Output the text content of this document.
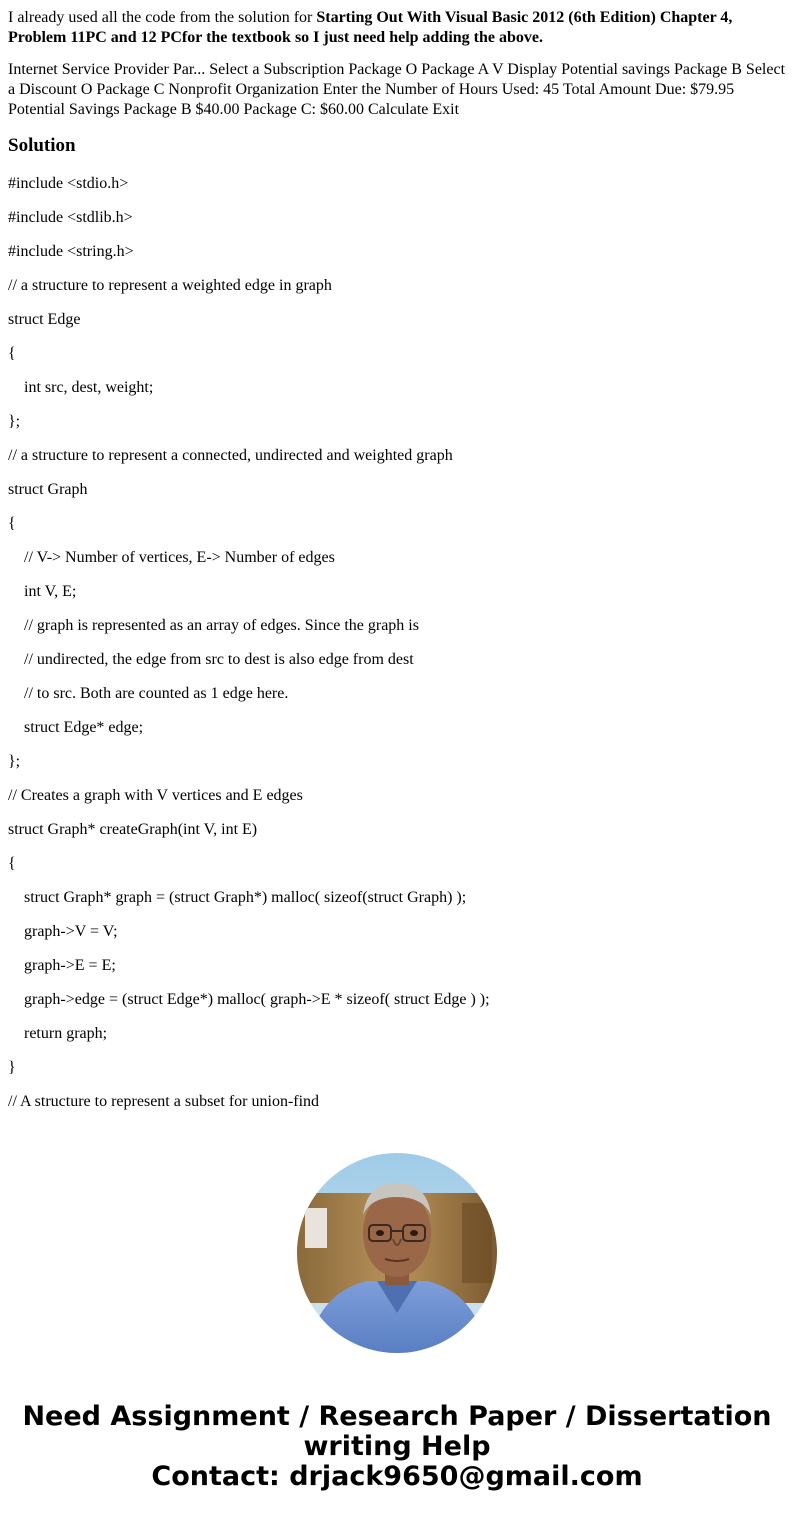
I already used all the code from the solution for Starting Out With Visual Basic 2012 (6th Edition) Chapter 4, Problem 11PC and 12 PCfor the textbook so I just need help adding the above.

Internet Service Provider Par... Select a Subscription Package O Package A V Display Potential savings Package B Select a Discount O Package C Nonprofit Organization Enter the Number of Hours Used: 45 Total Amount Due: $79.95 Potential Savings Package B $40.00 Package C: $60.00 Calculate Exit

Solution

#include <stdio.h>

#include <stdlib.h>

#include <string.h>

// a structure to represent a weighted edge in graph

struct Edge

{

int src, dest, weight;

};

// a structure to represent a connected, undirected and weighted graph

struct Graph

{

// V-> Number of vertices, E-> Number of edges

int V, E;

// graph is represented as an array of edges. Since the graph is

// undirected, the edge from src to dest is also edge from dest

// to src. Both are counted as 1 edge here.

struct Edge* edge;

};

// Creates a graph with V vertices and E edges

struct Graph* createGraph(int V, int E)

{

struct Graph* graph = (struct Graph*) malloc( sizeof(struct Graph) );

graph->V = V;

graph->E = E;

graph->edge = (struct Edge*) malloc( graph->E * sizeof( struct Edge ) );

return graph;

}

// A structure to represent a subset for union-find

Need Assignment / Research Paper / Dissertation
writing Help
Contact: drjack9650@gmail.com
